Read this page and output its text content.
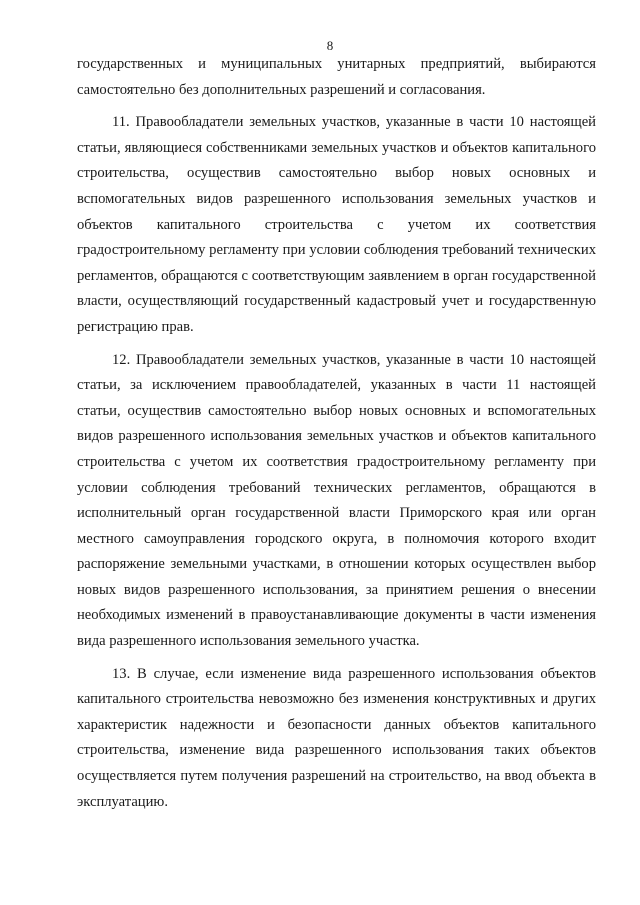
8

государственных и муниципальных унитарных предприятий, выбираются самостоятельно без дополнительных разрешений и согласования.

11. Правообладатели земельных участков, указанные в части 10 настоящей статьи, являющиеся собственниками земельных участков и объектов капитального строительства, осуществив самостоятельно выбор новых основных и вспомогательных видов разрешенного использования земельных участков и объектов капитального строительства с учетом их соответствия градостроительному регламенту при условии соблюдения требований технических регламентов, обращаются с соответствующим заявлением в орган государственной власти, осуществляющий государственный кадастровый учет и государственную регистрацию прав.

12. Правообладатели земельных участков, указанные в части 10 настоящей статьи, за исключением правообладателей, указанных в части 11 настоящей статьи, осуществив самостоятельно выбор новых основных и вспомогательных видов разрешенного использования земельных участков и объектов капитального строительства с учетом их соответствия градостроительному регламенту при условии соблюдения требований технических регламентов, обращаются в исполнительный орган государственной власти Приморского края или орган местного самоуправления городского округа, в полномочия которого входит распоряжение земельными участками, в отношении которых осуществлен выбор новых видов разрешенного использования, за принятием решения о внесении необходимых изменений в правоустанавливающие документы в части изменения вида разрешенного использования земельного участка.

13. В случае, если изменение вида разрешенного использования объектов капитального строительства невозможно без изменения конструктивных и других характеристик надежности и безопасности данных объектов капитального строительства, изменение вида разрешенного использования таких объектов осуществляется путем получения разрешений на строительство, на ввод объекта в эксплуатацию.
